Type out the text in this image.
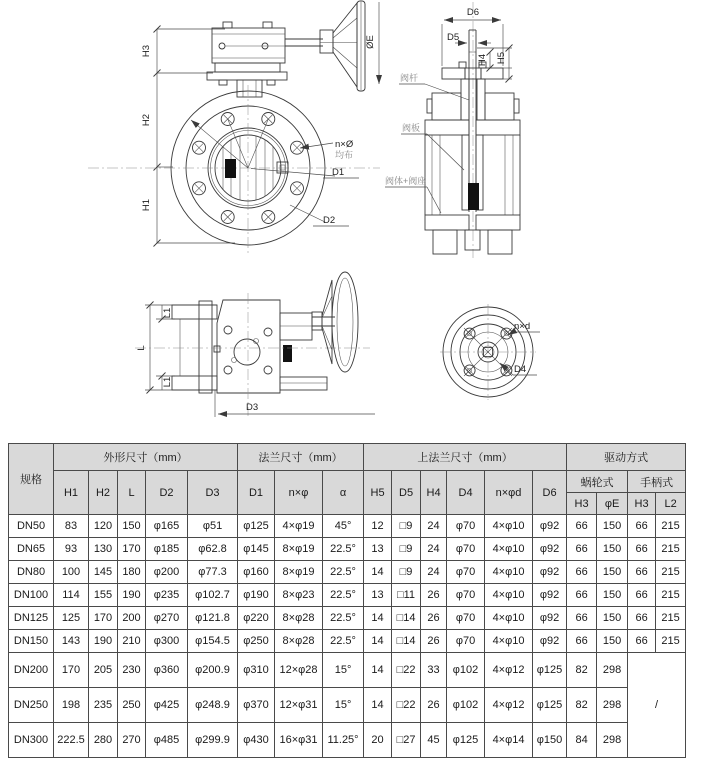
H3
H2
H1
ØE
n×Ø
均布
D1
D2
D6
D5
H4 H5
阀杆
阀板
阀体+阀座
L1
L
L1
D3
n×d
D4
规格	外形尺寸（mm）					法兰尺寸（mm）			上法兰尺寸（mm）						驱动方式			
	H1	H2	L	D2	D3	D1	n×φ	α	H5	D5	H4	D4	n×φd	D6	蜗轮式		手柄式	
															H3	φE	H3	L2
DN50	83	120	150	φ165	φ51	φ125	4×φ19	45°	12	□9	24	φ70	4×φ10	φ92	66	150	66	215
DN65	93	130	170	φ185	φ62.8	φ145	8×φ19	22.5°	13	□9	24	φ70	4×φ10	φ92	66	150	66	215
DN80	100	145	180	φ200	φ77.3	φ160	8×φ19	22.5°	14	□9	24	φ70	4×φ10	φ92	66	150	66	215
DN100	114	155	190	φ235	φ102.7	φ190	8×φ23	22.5°	13	□11	26	φ70	4×φ10	φ92	66	150	66	215
DN125	125	170	200	φ270	φ121.8	φ220	8×φ28	22.5°	14	□14	26	φ70	4×φ10	φ92	66	150	66	215
DN150	143	190	210	φ300	φ154.5	φ250	8×φ28	22.5°	14	□14	26	φ70	4×φ10	φ92	66	150	66	215
DN200	170	205	230	φ360	φ200.9	φ310	12×φ28	15°	14	□22	33	φ102	4×φ12	φ125	82	298	/	
DN250	198	235	250	φ425	φ248.9	φ370	12×φ31	15°	14	□22	26	φ102	4×φ12	φ125	82	298		
DN300	222.5	280	270	φ485	φ299.9	φ430	16×φ31	11.25°	20	□27	45	φ125	4×φ14	φ150	84	298		
